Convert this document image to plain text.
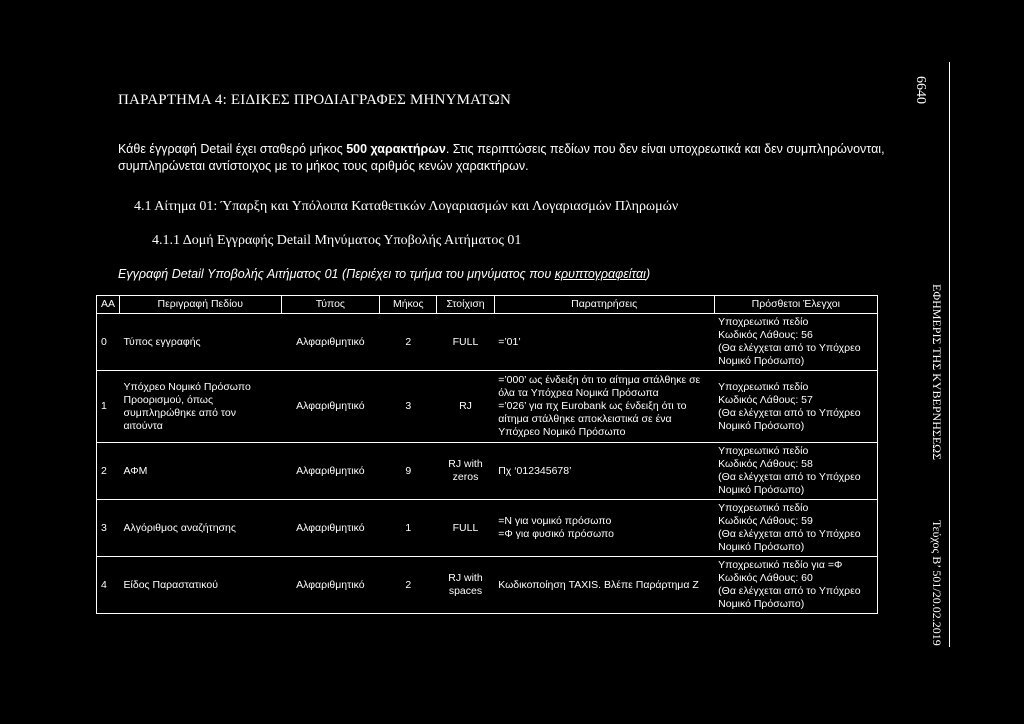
ΠΑΡΑΡΤΗΜΑ 4: ΕΙΔΙΚΕΣ ΠΡΟΔΙΑΓΡΑΦΕΣ ΜΗΝΥΜΑΤΩΝ	6640
ΕΦΗΜΕΡΙΣ ΤΗΣ ΚΥΒΕΡΝΗΣΕΩΣ
Τεύχος Β’ 501/20.02.2019
Κάθε έγγραφή Detail έχει σταθερό μήκος 500 χαρακτήρων. Στις περιπτώσεις πεδίων που δεν είναι υποχρεωτικά και δεν συμπληρώνονται, συμπληρώνεται αντίστοιχος με το μήκος τους αριθμός κενών χαρακτήρων.
4.1 Αίτημα 01: Ύπαρξη και Υπόλοιπα Καταθετικών Λογαριασμών και Λογαριασμών Πληρωμών
4.1.1 Δομή Εγγραφής Detail Μηνύματος Υποβολής Αιτήματος 01
Εγγραφή Detail Υποβολής Αιτήματος 01 (Περιέχει το τμήμα του μηνύματος που κρυπτογραφείται)
ΑΑ	Περιγραφή Πεδίου	Τύπος	Μήκος	Στοίχιση	Παρατηρήσεις	Πρόσθετοι Έλεγχοι
0	Τύπος εγγραφής	Αλφαριθμητικό	2	FULL	=’01’	Υποχρεωτικό πεδίο
Κωδικός Λάθους: 56
(Θα ελέγχεται από το Υπόχρεο Νομικό Πρόσωπο)
1	Υπόχρεο Νομικό Πρόσωπο Προορισμού, όπως συμπληρώθηκε από τον αιτούντα	Αλφαριθμητικό	3	RJ	=’000’ ως ένδειξη ότι το αίτημα στάλθηκε σε όλα τα Υπόχρεα Νομικά Πρόσωπα
=’026’ για πχ Eurobank ως ένδειξη ότι το αίτημα στάλθηκε αποκλειστικά σε ένα Υπόχρεο Νομικό Πρόσωπο	Υποχρεωτικό πεδίο
Κωδικός Λάθους: 57
(Θα ελέγχεται από το Υπόχρεο Νομικό Πρόσωπο)
2	ΑΦΜ	Αλφαριθμητικό	9	RJ with zeros	Πχ ‘012345678’	Υποχρεωτικό πεδίο
Κωδικός Λάθους: 58
(Θα ελέγχεται από το Υπόχρεο Νομικό Πρόσωπο)
3	Αλγόριθμος αναζήτησης	Αλφαριθμητικό	1	FULL	=Ν για νομικό πρόσωπο
=Φ για φυσικό πρόσωπο	Υποχρεωτικό πεδίο
Κωδικός Λάθους: 59
(Θα ελέγχεται από το Υπόχρεο Νομικό Πρόσωπο)
4	Είδος Παραστατικού	Αλφαριθμητικό	2	RJ with spaces	Κωδικοποίηση TAXIS. Βλέπε Παράρτημα Ζ	Υποχρεωτικό πεδίο για =Φ
Κωδικός Λάθους: 60
(Θα ελέγχεται από το Υπόχρεο Νομικό Πρόσωπο)
